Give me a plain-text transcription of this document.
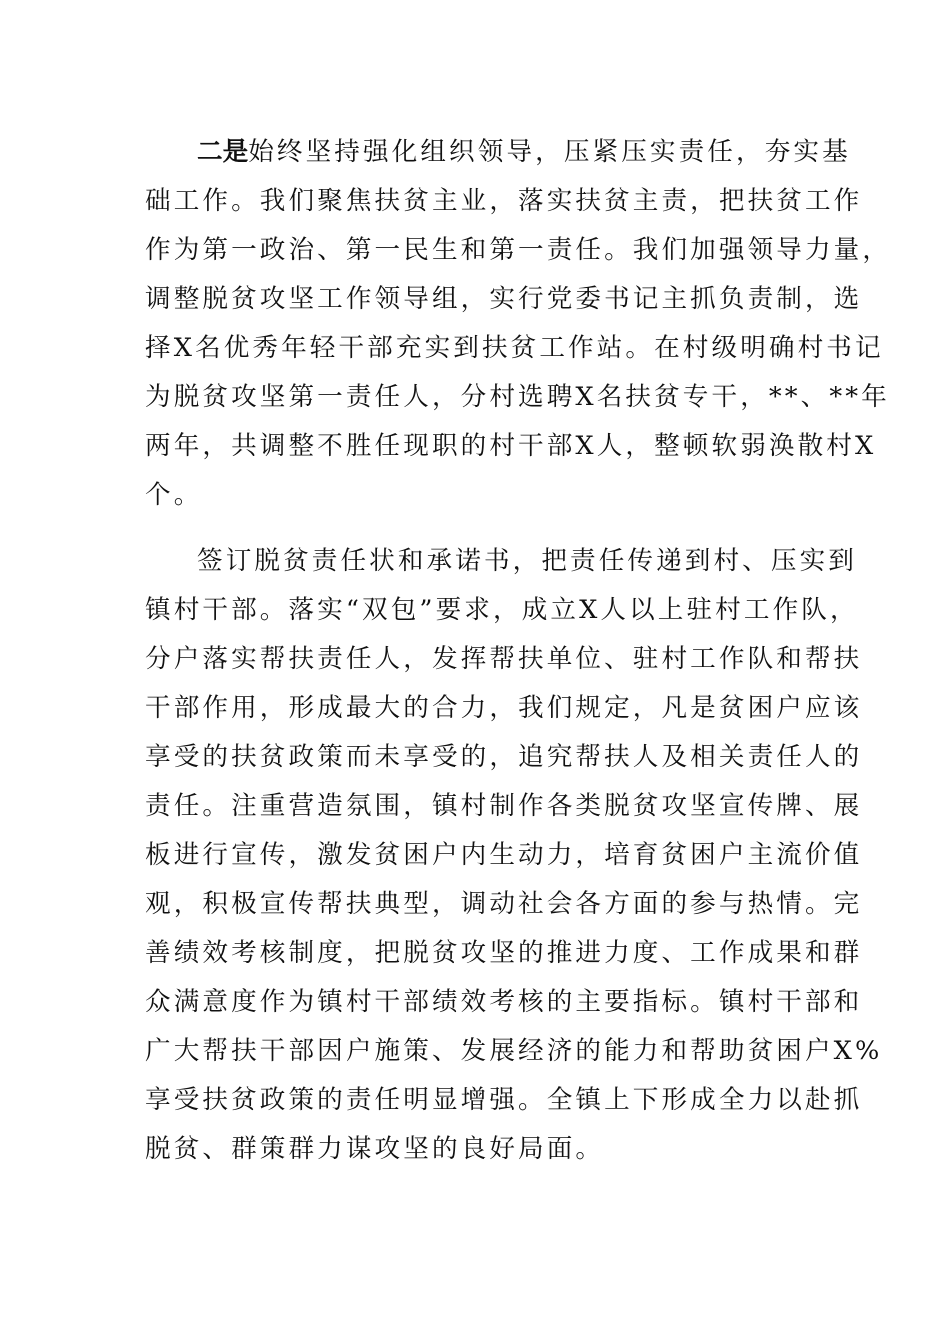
二是始终坚持强化组织领导，压紧压实责任，夯实基
础工作。我们聚焦扶贫主业，落实扶贫主责，把扶贫工作
作为第一政治、第一民生和第一责任。我们加强领导力量，
调整脱贫攻坚工作领导组，实行党委书记主抓负责制，选
择X名优秀年轻干部充实到扶贫工作站。在村级明确村书记
为脱贫攻坚第一责任人，分村选聘X名扶贫专干，**、**年
两年，共调整不胜任现职的村干部X人，整顿软弱涣散村X
个。
签订脱贫责任状和承诺书，把责任传递到村、压实到
镇村干部。落实“双包”要求，成立X人以上驻村工作队，
分户落实帮扶责任人，发挥帮扶单位、驻村工作队和帮扶
干部作用，形成最大的合力，我们规定，凡是贫困户应该
享受的扶贫政策而未享受的，追究帮扶人及相关责任人的
责任。注重营造氛围，镇村制作各类脱贫攻坚宣传牌、展
板进行宣传，激发贫困户内生动力，培育贫困户主流价值
观，积极宣传帮扶典型，调动社会各方面的参与热情。完
善绩效考核制度，把脱贫攻坚的推进力度、工作成果和群
众满意度作为镇村干部绩效考核的主要指标。镇村干部和
广大帮扶干部因户施策、发展经济的能力和帮助贫困户X%
享受扶贫政策的责任明显增强。全镇上下形成全力以赴抓
脱贫、群策群力谋攻坚的良好局面。
